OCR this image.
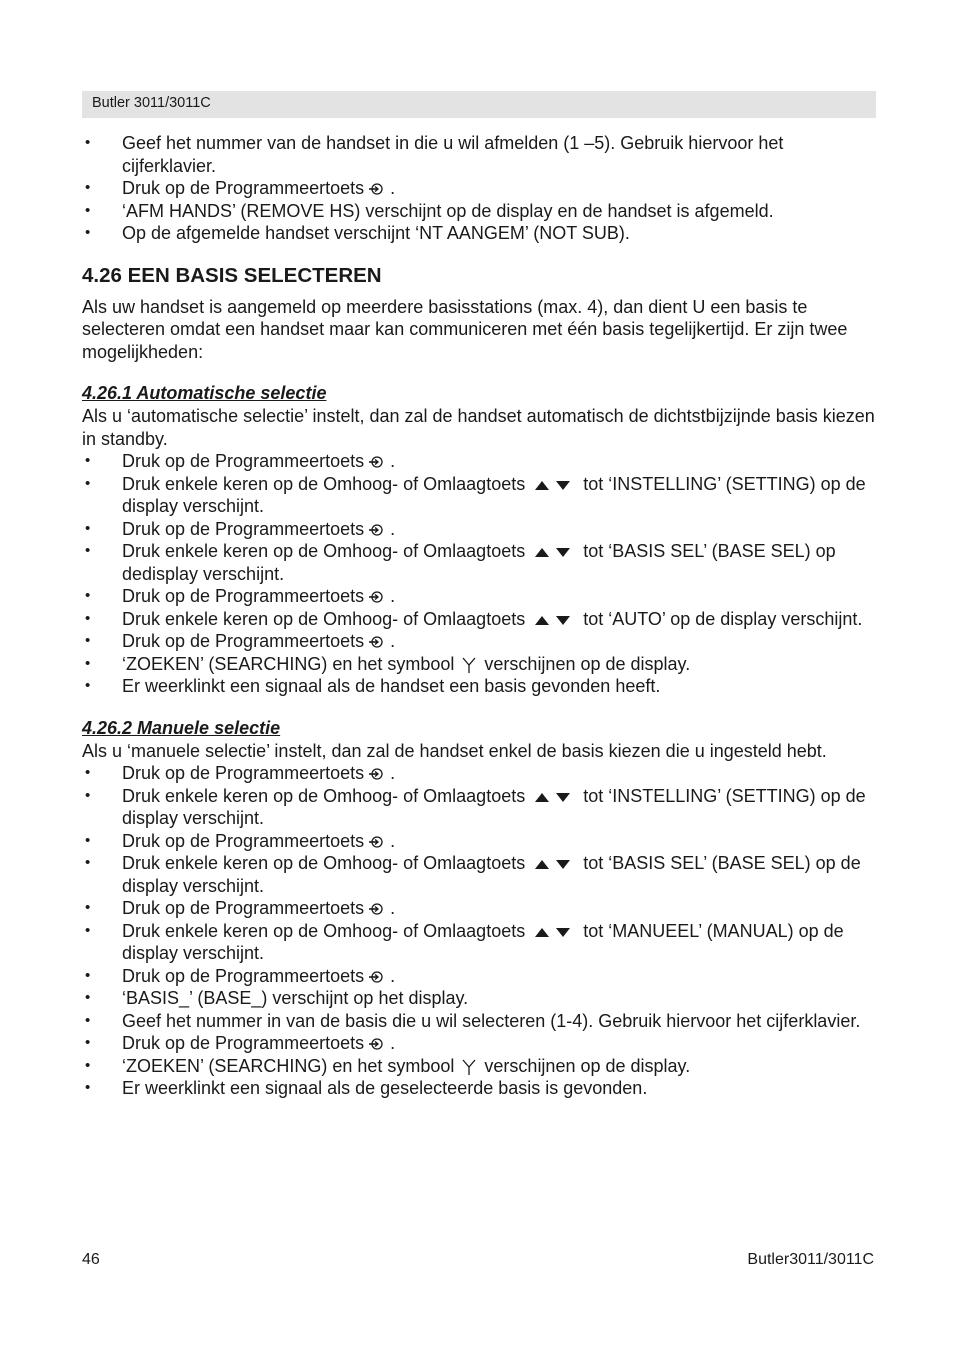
Butler 3011/3011C
• Geef het nummer van de handset in die u wil afmelden (1 –5). Gebruik hiervoor het cijferklavier.
• Druk op de Programmeertoets .
• ‘AFM HANDS’ (REMOVE HS) verschijnt op de display en de handset is afgemeld.
• Op de afgemelde handset verschijnt ‘NT AANGEM’ (NOT SUB).
4.26 EEN BASIS SELECTEREN
Als uw handset is aangemeld op meerdere basisstations (max. 4), dan dient U een basis te selecteren omdat een handset maar kan communiceren met één basis tegelijkertijd. Er zijn twee mogelijkheden:
4.26.1 Automatische selectie
Als u ‘automatische selectie’ instelt, dan zal de handset automatisch de dichtstbijzijnde basis kiezen in standby.
• Druk op de Programmeertoets .
• Druk enkele keren op de Omhoog- of Omlaagtoets	tot ‘INSTELLING’ (SETTING) op de display verschijnt.
• Druk op de Programmeertoets .
• Druk enkele keren op de Omhoog- of Omlaagtoets	tot ‘BASIS SEL’ (BASE SEL) op dedisplay verschijnt.
• Druk op de Programmeertoets .
• Druk enkele keren op de Omhoog- of Omlaagtoets	tot ‘AUTO’ op de display verschijnt.
• Druk op de Programmeertoets .
• ‘ZOEKEN’ (SEARCHING) en het symbool verschijnen op de display.
• Er weerklinkt een signaal als de handset een basis gevonden heeft.
4.26.2 Manuele selectie
Als u ‘manuele selectie’ instelt, dan zal de handset enkel de basis kiezen die u ingesteld hebt.
• Druk op de Programmeertoets .
• Druk enkele keren op de Omhoog- of Omlaagtoets	tot ‘INSTELLING’ (SETTING) op de display verschijnt.
• Druk op de Programmeertoets .
• Druk enkele keren op de Omhoog- of Omlaagtoets	tot ‘BASIS SEL’ (BASE SEL) op de display verschijnt.
• Druk op de Programmeertoets .
• Druk enkele keren op de Omhoog- of Omlaagtoets	tot ‘MANUEEL’ (MANUAL) op de display verschijnt.
• Druk op de Programmeertoets .
• ‘BASIS_’ (BASE_) verschijnt op het display.
• Geef het nummer in van de basis die u wil selecteren (1-4). Gebruik hiervoor het cijferklavier.
• Druk op de Programmeertoets .
• ‘ZOEKEN’ (SEARCHING) en het symbool verschijnen op de display.
• Er weerklinkt een signaal als de geselecteerde basis is gevonden.
46	Butler3011/3011C
